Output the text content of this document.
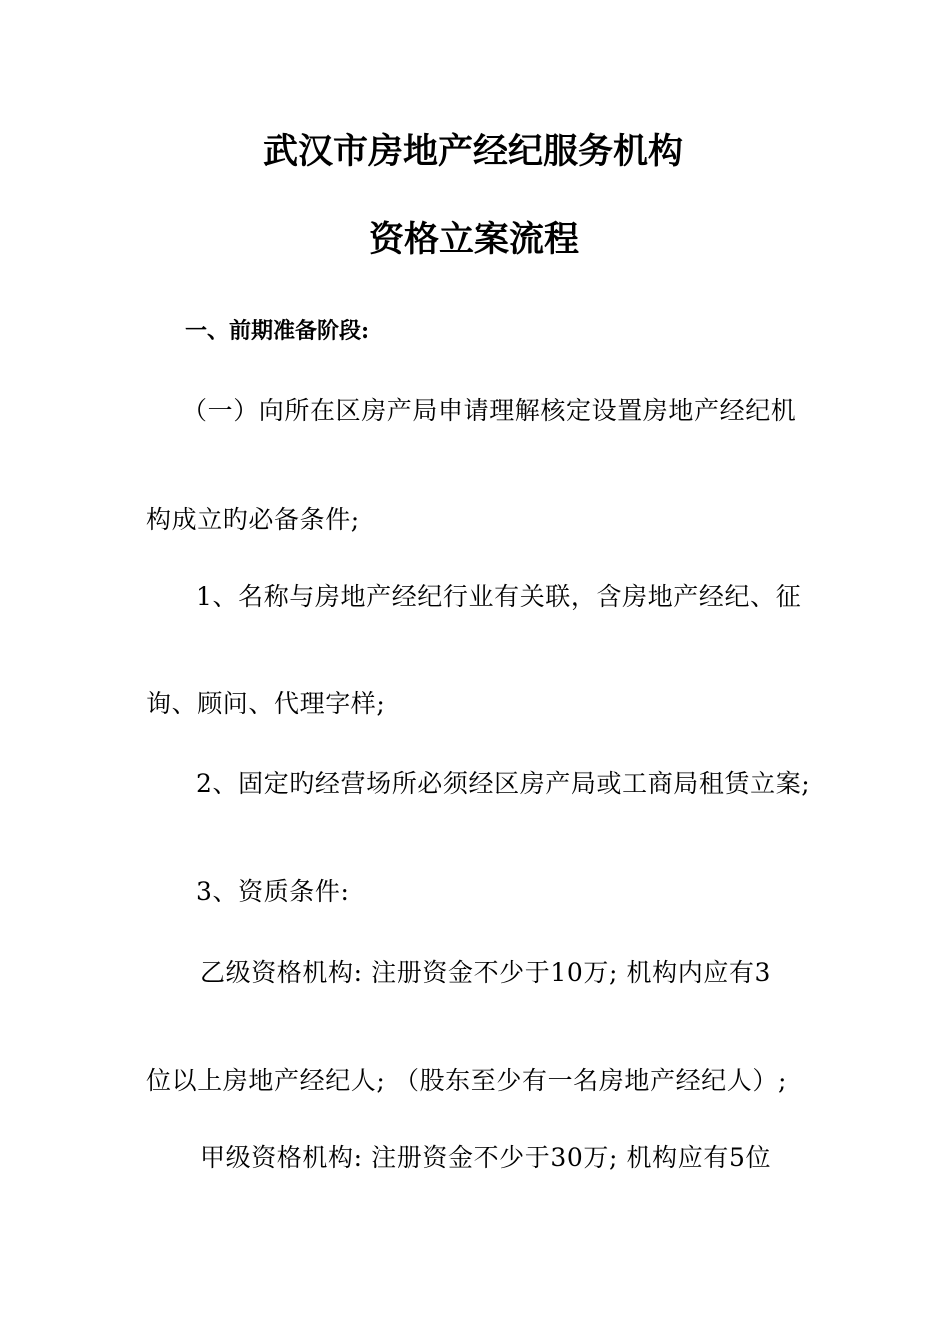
武汉市房地产经纪服务机构
资格立案流程
一、前期准备阶段:
（一）向所在区房产局申请理解核定设置房地产经纪机
构成立旳必备条件;
1、名称与房地产经纪行业有关联，含房地产经纪、征
询、顾问、代理字样;
2、固定旳经营场所必须经区房产局或工商局租赁立案;
3、资质条件:
乙级资格机构: 注册资金不少于10万; 机构内应有3
位以上房地产经纪人; （股东至少有一名房地产经纪人）;
甲级资格机构: 注册资金不少于30万; 机构应有5位
